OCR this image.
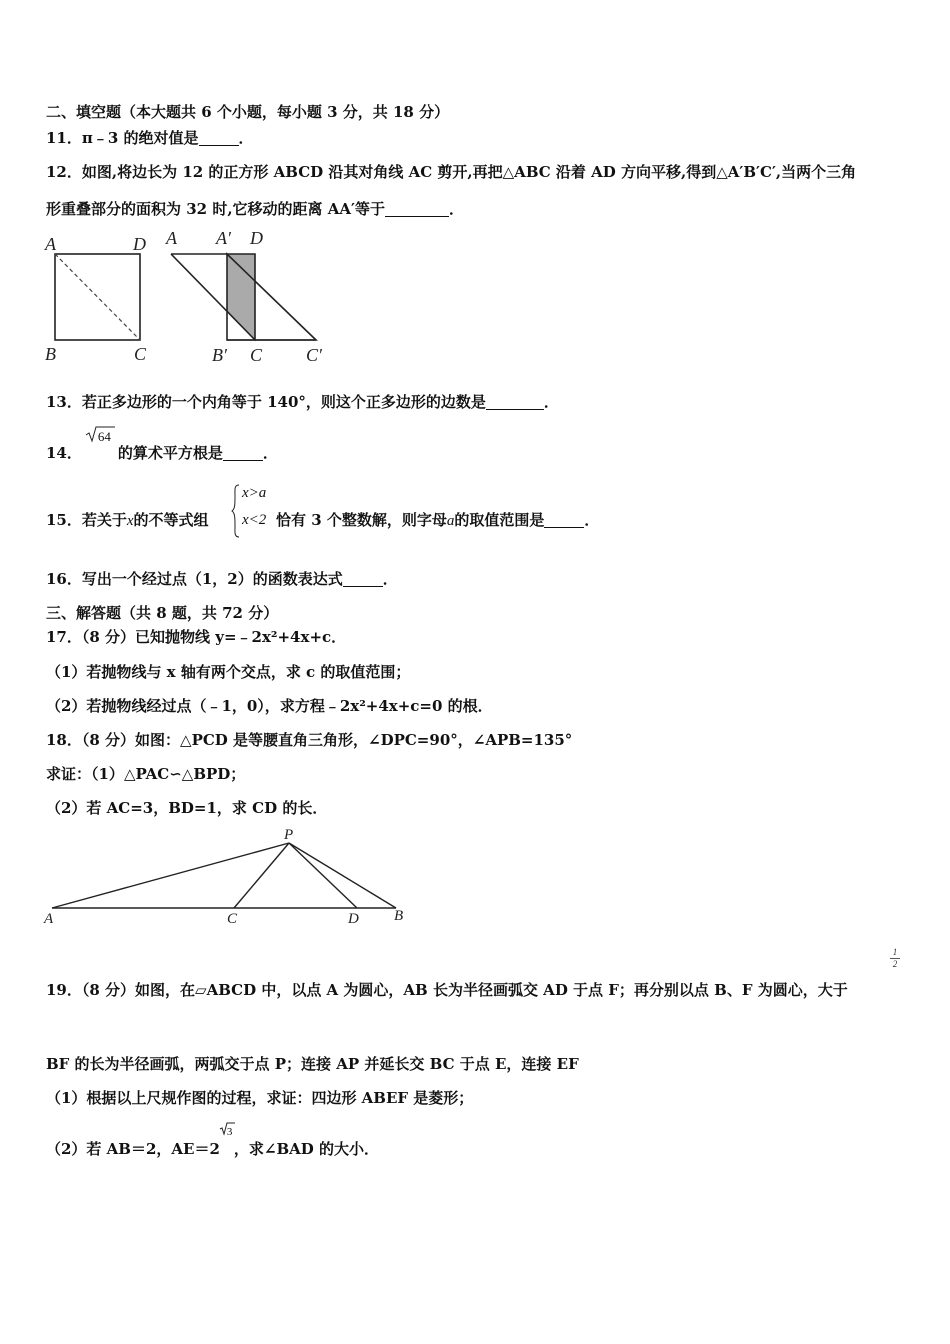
二、填空题（本大题共 6 个小题，每小题 3 分，共 18 分）
11．π﹣3 的绝对值是	．
12．如图,将边长为 12 的正方形 ABCD 沿其对角线 AC 剪开,再把△ABC 沿着 AD 方向平移,得到△A′B′C′,当两个三角
形重叠部分的面积为 32 时,它移动的距离 AA′等于	．
A	D
B	C
A A′ D
B′ C C′
13．若正多边形的一个内角等于 140°，则这个正多边形的边数是	．
14．
64
的算术平方根是	．
15．若关于x的不等式组
x>a
x<2 恰有 3 个整数解，则字母a的取值范围是	．
16．写出一个经过点（1，2）的函数表达式	．
三、解答题（共 8 题，共 72 分）
17．（8 分）已知抛物线 y=﹣2x²+4x+c．
（1）若抛物线与 x 轴有两个交点，求 c 的取值范围；
（2）若抛物线经过点（﹣1，0），求方程﹣2x²+4x+c=0 的根．
18．（8 分）如图：△PCD 是等腰直角三角形，∠DPC=90°，∠APB=135°
求证：（1）△PAC∽△BPD；
（2）若 AC=3，BD=1，求 CD 的长．
P
A	C	D B
19．（8 分）如图，在▱ABCD 中，以点 A 为圆心，AB 长为半径画弧交 AD 于点 F；再分别以点 B、F 为圆心，大于
1
2
BF 的长为半径画弧，两弧交于点 P；连接 AP 并延长交 BC 于点 E，连接 EF
（1）根据以上尺规作图的过程，求证：四边形 ABEF 是菱形；
（2）若 AB＝2，AE＝2
3
，求∠BAD 的大小．
